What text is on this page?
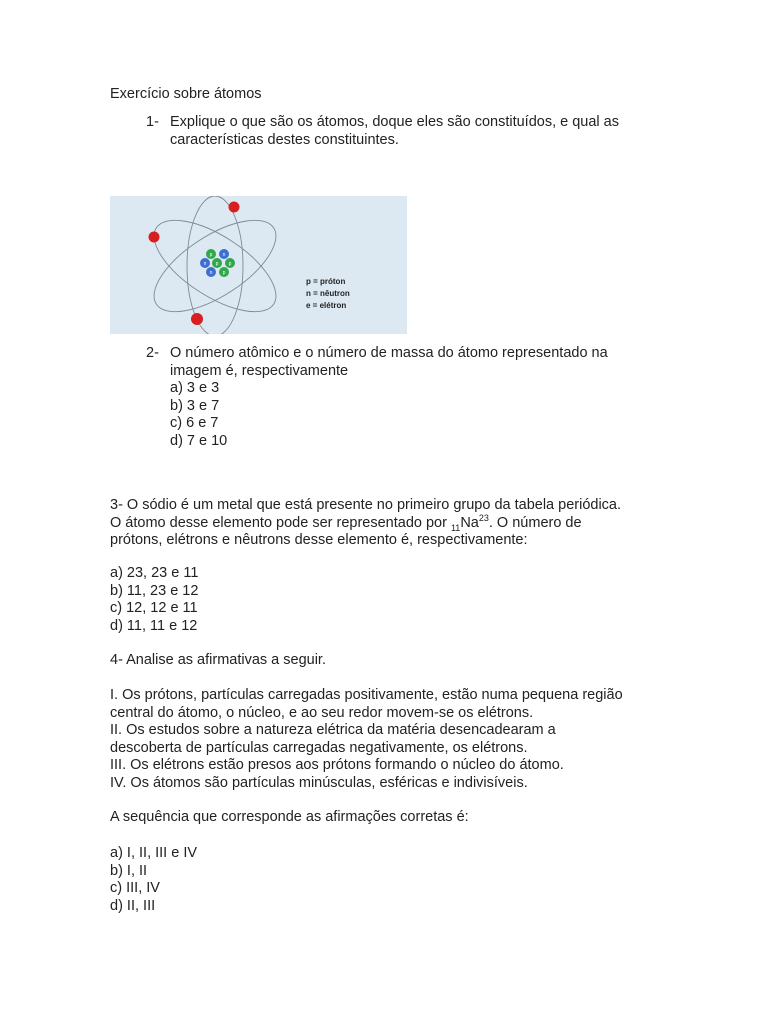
Exercício sobre átomos
1- Explique o que são os átomos, doque eles são constituídos, e qual as
características destes constituintes.
p n
n p p
n p
p = próton
n = nêutron
e = elétron
2- O número atômico e o número de massa do átomo representado na
imagem é, respectivamente
a) 3 e 3
b) 3 e 7
c) 6 e 7
d) 7 e 10
3- O sódio é um metal que está presente no primeiro grupo da tabela periódica.
O átomo desse elemento pode ser representado por $_{11}Na^{23}$. O número de
prótons, elétrons e nêutrons desse elemento é, respectivamente:
a) 23, 23 e 11
b) 11, 23 e 12
c) 12, 12 e 11
d) 11, 11 e 12
4- Analise as afirmativas a seguir.
I. Os prótons, partículas carregadas positivamente, estão numa pequena região
central do átomo, o núcleo, e ao seu redor movem-se os elétrons.
II. Os estudos sobre a natureza elétrica da matéria desencadearam a
descoberta de partículas carregadas negativamente, os elétrons.
III. Os elétrons estão presos aos prótons formando o núcleo do átomo.
IV. Os átomos são partículas minúsculas, esféricas e indivisíveis.
A sequência que corresponde as afirmações corretas é:
a) I, II, III e IV
b) I, II
c) III, IV
d) II, III
